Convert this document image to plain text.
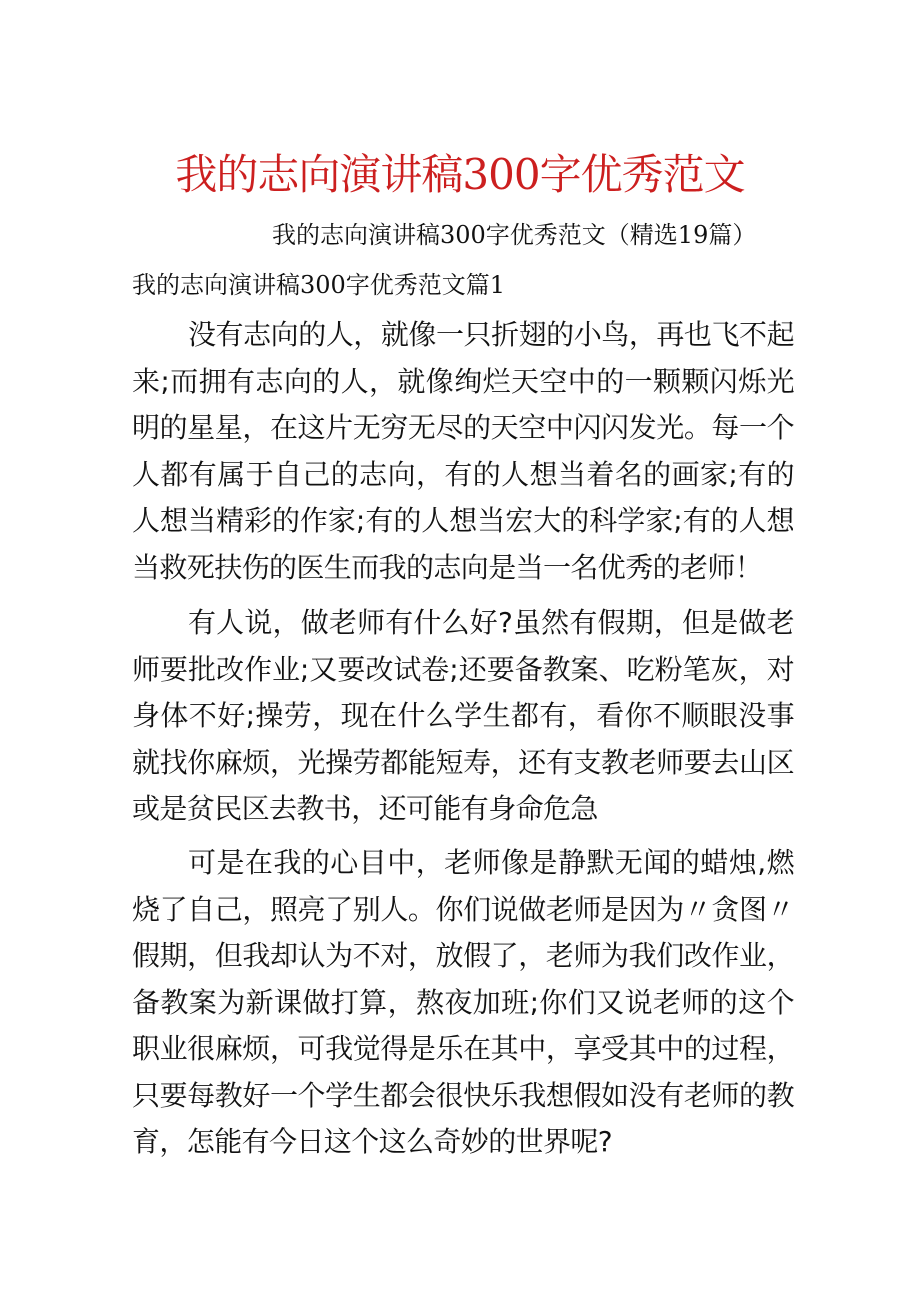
我的志向演讲稿300字优秀范文
我的志向演讲稿300字优秀范文（精选19篇）
我的志向演讲稿300字优秀范文篇1

没有志向的人，就像一只折翅的小鸟，再也飞不起来;而拥有志向的人，就像绚烂天空中的一颗颗闪烁光明的星星，在这片无穷无尽的天空中闪闪发光。每一个人都有属于自己的志向，有的人想当着名的画家;有的人想当精彩的作家;有的人想当宏大的科学家;有的人想当救死扶伤的医生而我的志向是当一名优秀的老师！

有人说，做老师有什么好?虽然有假期，但是做老师要批改作业;又要改试卷;还要备教案、吃粉笔灰，对身体不好;操劳，现在什么学生都有，看你不顺眼没事就找你麻烦，光操劳都能短寿，还有支教老师要去山区或是贫民区去教书，还可能有身命危急

可是在我的心目中，老师像是静默无闻的蜡烛,燃烧了自己，照亮了别人。你们说做老师是因为〃贪图〃假期，但我却认为不对，放假了，老师为我们改作业，备教案为新课做打算，熬夜加班;你们又说老师的这个职业很麻烦，可我觉得是乐在其中，享受其中的过程，只要每教好一个学生都会很快乐我想假如没有老师的教育，怎能有今日这个这么奇妙的世界呢?
